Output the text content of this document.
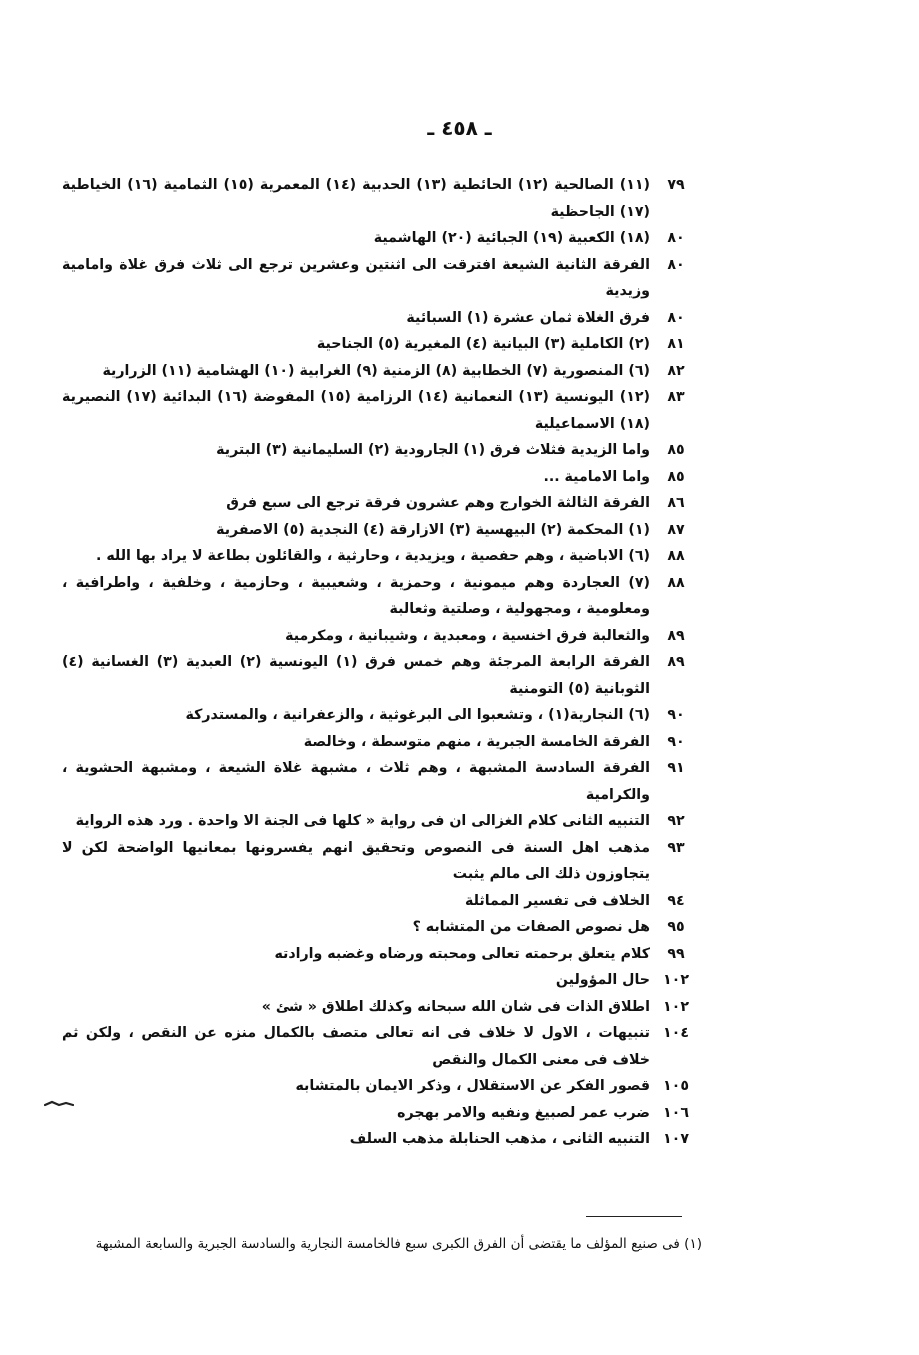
ـ ٤٥٨ ـ
٧٩
(١١) الصالحية (١٢) الحائطية (١٣) الحدبية (١٤) المعمرية (١٥) الثمامية (١٦) الخياطية (١٧) الجاحظية
٨٠
(١٨) الكعبية (١٩) الجبائية (٢٠) الهاشمية
٨٠
الفرقة الثانية الشيعة افترقت الى اثنتين وعشرين ترجع الى ثلاث فرق غلاة وامامية وزيدية
٨٠
فرق الغلاة ثمان عشرة (١) السبائية
٨١
(٢) الكاملية (٣) البيانية (٤) المغيرية (٥) الجناحية
٨٢
(٦) المنصورية (٧) الخطابية (٨) الزمنية (٩) الغرابية (١٠) الهشامية (١١) الزرارية
٨٣
(١٢) اليونسية (١٣) النعمانية (١٤) الرزامية (١٥) المفوضة (١٦) البدائية (١٧) النصيرية (١٨) الاسماعيلية
٨٥
واما الزيدية فثلاث فرق (١) الجارودية (٢) السليمانية (٣) البترية
٨٥
واما الامامية ...
٨٦
الفرقة الثالثة الخوارج وهم عشرون فرقة ترجع الى سبع فرق
٨٧
(١) المحكمة (٢) البيهسية (٣) الازارقة (٤) النجدية (٥) الاصفرية
٨٨
(٦) الاباضية ، وهم حفصية ، ويزيدية ، وحارثية ، والقائلون بطاعة لا يراد بها الله .
٨٨
(٧) العجاردة وهم ميمونية ، وحمزية ، وشعيبية ، وحازمية ، وخلفية ، واطرافية ، ومعلومية ، ومجهولية ، وصلتية وثعالبة
٨٩
والثعالبة فرق اخنسية ، ومعبدية ، وشيبانية ، ومكرمية
٨٩
الفرقة الرابعة المرجئة وهم خمس فرق (١) اليونسية (٢) العبدية (٣) الغسانية (٤) الثوبانية (٥) التومنية
٩٠
(٦) النجارية(١) ، وتشعبوا الى البرغوثية ، والزعفرانية ، والمستدركة
٩٠
الفرقة الخامسة الجبرية ، منهم متوسطة ، وخالصة
٩١
الفرقة السادسة المشبهة ، وهم ثلاث ، مشبهة غلاة الشيعة ، ومشبهة الحشوية ، والكرامية
٩٢
التنبيه الثانى كلام الغزالى ان فى رواية « كلها فى الجنة الا واحدة . ورد هذه الرواية
٩٣
مذهب اهل السنة فى النصوص وتحقيق انهم يفسرونها بمعانيها الواضحة لكن لا يتجاوزون ذلك الى مالم يثبت
٩٤
الخلاف فى تفسير المماثلة
٩٥
هل نصوص الصفات من المتشابه ؟
٩٩
كلام يتعلق برحمته تعالى ومحبته ورضاه وغضبه وارادته
١٠٢
حال المؤولين
١٠٢
اطلاق الذات فى شان الله سبحانه وكذلك اطلاق « شئ »
١٠٤
تنبيهات ، الاول لا خلاف فى انه تعالى متصف بالكمال منزه عن النقص ، ولكن ثم خلاف فى معنى الكمال والنقص
١٠٥
قصور الفكر عن الاستقلال ، وذكر الايمان بالمتشابه
١٠٦
ضرب عمر لصبيغ ونفيه والامر بهجره
١٠٧
التنبيه الثانى ، مذهب الحنابلة مذهب السلف
(١) فى صنيع المؤلف ما يقتضى أن الفرق الكبرى سبع فالخامسة النجارية والسادسة الجبرية والسابعة المشبهة
